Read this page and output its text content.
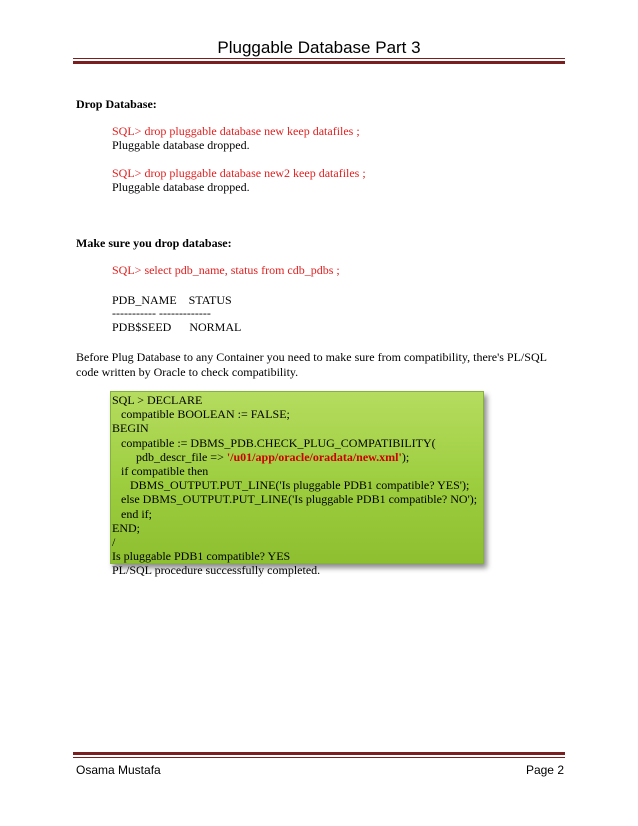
Pluggable Database Part 3
Drop Database:
SQL> drop pluggable database new keep datafiles ;
Pluggable database dropped.
SQL> drop pluggable database new2 keep datafiles ;
Pluggable database dropped.
Make sure you drop database:
SQL> select pdb_name, status from cdb_pdbs ;
PDB_NAME    STATUS
----------- -------------
PDB$SEED      NORMAL
Before Plug Database to any Container you need to make sure from compatibility, there's PL/SQL code written by Oracle to check compatibility.
SQL > DECLARE
compatible BOOLEAN := FALSE;
BEGIN
compatible := DBMS_PDB.CHECK_PLUG_COMPATIBILITY(
pdb_descr_file => '/u01/app/oracle/oradata/new.xml');
if compatible then
DBMS_OUTPUT.PUT_LINE('Is pluggable PDB1 compatible? YES');
else DBMS_OUTPUT.PUT_LINE('Is pluggable PDB1 compatible? NO');
end if;
END;
/
Is pluggable PDB1 compatible? YES
PL/SQL procedure successfully completed.
Osama Mustafa	Page 2
